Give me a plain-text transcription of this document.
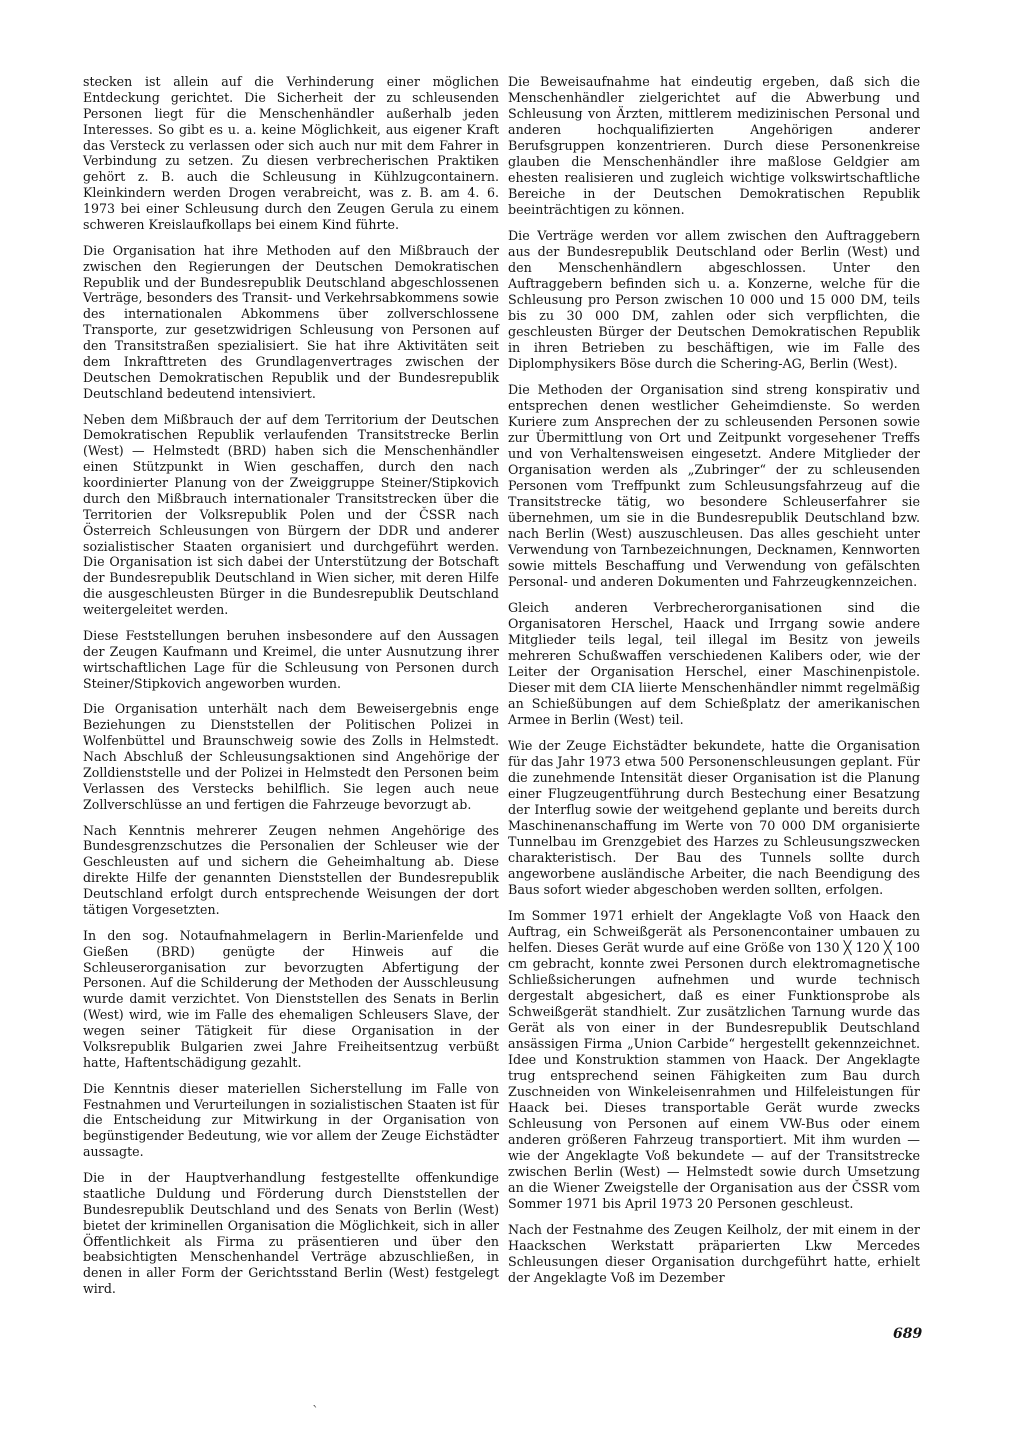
stecken ist allein auf die Verhinderung einer möglichen Entdeckung gerichtet. Die Sicherheit der zu schleusenden Personen liegt für die Menschenhändler außerhalb jeden Interesses. So gibt es u. a. keine Möglichkeit, aus eigener Kraft das Versteck zu verlassen oder sich auch nur mit dem Fahrer in Verbindung zu setzen. Zu diesen verbrecherischen Praktiken gehört z. B. auch die Schleusung in Kühlzugcontainern. Kleinkindern werden Drogen verabreicht, was z. B. am 4. 6. 1973 bei einer Schleusung durch den Zeugen Gerula zu einem schweren Kreislaufkollaps bei einem Kind führte.

Die Organisation hat ihre Methoden auf den Mißbrauch der zwischen den Regierungen der Deutschen Demokratischen Republik und der Bundesrepublik Deutschland abgeschlossenen Verträge, besonders des Transit- und Verkehrsabkommens sowie des internationalen Abkommens über zollverschlossene Transporte, zur gesetzwidrigen Schleusung von Personen auf den Transitstraßen spezialisiert. Sie hat ihre Aktivitäten seit dem Inkrafttreten des Grundlagenvertrages zwischen der Deutschen Demokratischen Republik und der Bundesrepublik Deutschland bedeutend intensiviert.

Neben dem Mißbrauch der auf dem Territorium der Deutschen Demokratischen Republik verlaufenden Transitstrecke Berlin (West) — Helmstedt (BRD) haben sich die Menschenhändler einen Stützpunkt in Wien geschaffen, durch den nach koordinierter Planung von der Zweiggruppe Steiner/Stipkovich durch den Mißbrauch internationaler Transitstrecken über die Territorien der Volksrepublik Polen und der ČSSR nach Österreich Schleusungen von Bürgern der DDR und anderer sozialistischer Staaten organisiert und durchgeführt werden. Die Organisation ist sich dabei der Unterstützung der Botschaft der Bundesrepublik Deutschland in Wien sicher, mit deren Hilfe die ausgeschleusten Bürger in die Bundesrepublik Deutschland weitergeleitet werden.

Diese Feststellungen beruhen insbesondere auf den Aussagen der Zeugen Kaufmann und Kreimel, die unter Ausnutzung ihrer wirtschaftlichen Lage für die Schleusung von Personen durch Steiner/Stipkovich angeworben wurden.

Die Organisation unterhält nach dem Beweisergebnis enge Beziehungen zu Dienststellen der Politischen Polizei in Wolfenbüttel und Braunschweig sowie des Zolls in Helmstedt. Nach Abschluß der Schleusungsaktionen sind Angehörige der Zolldienststelle und der Polizei in Helmstedt den Personen beim Verlassen des Verstecks behilflich. Sie legen auch neue Zollverschlüsse an und fertigen die Fahrzeuge bevorzugt ab.

Nach Kenntnis mehrerer Zeugen nehmen Angehörige des Bundesgrenzschutzes die Personalien der Schleuser wie der Geschleusten auf und sichern die Geheimhaltung ab. Diese direkte Hilfe der genannten Dienststellen der Bundesrepublik Deutschland erfolgt durch entsprechende Weisungen der dort tätigen Vorgesetzten.

In den sog. Notaufnahmelagern in Berlin-Marienfelde und Gießen (BRD) genügte der Hinweis auf die Schleuserorganisation zur bevorzugten Abfertigung der Personen. Auf die Schilderung der Methoden der Ausschleusung wurde damit verzichtet. Von Dienststellen des Senats in Berlin (West) wird, wie im Falle des ehemaligen Schleusers Slave, der wegen seiner Tätigkeit für diese Organisation in der Volksrepublik Bulgarien zwei Jahre Freiheitsentzug verbüßt hatte, Haftentschädigung gezahlt.

Die Kenntnis dieser materiellen Sicherstellung im Falle von Festnahmen und Verurteilungen in sozialistischen Staaten ist für die Entscheidung zur Mitwirkung in der Organisation von begünstigender Bedeutung, wie vor allem der Zeuge Eichstädter aussagte.

Die in der Hauptverhandlung festgestellte offenkundige staatliche Duldung und Förderung durch Dienststellen der Bundesrepublik Deutschland und des Senats von Berlin (West) bietet der kriminellen Organisation die Möglichkeit, sich in aller Öffentlichkeit als Firma zu präsentieren und über den beabsichtigten Menschenhandel Verträge abzuschließen, in denen in aller Form der Gerichtsstand Berlin (West) festgelegt wird.

Die Beweisaufnahme hat eindeutig ergeben, daß sich die Menschenhändler zielgerichtet auf die Abwerbung und Schleusung von Ärzten, mittlerem medizinischen Personal und anderen hochqualifizierten Angehörigen anderer Berufsgruppen konzentrieren. Durch diese Personenkreise glauben die Menschenhändler ihre maßlose Geldgier am ehesten realisieren und zugleich wichtige volkswirtschaftliche Bereiche in der Deutschen Demokratischen Republik beeinträchtigen zu können.

Die Verträge werden vor allem zwischen den Auftraggebern aus der Bundesrepublik Deutschland oder Berlin (West) und den Menschenhändlern abgeschlossen. Unter den Auftraggebern befinden sich u. a. Konzerne, welche für die Schleusung pro Person zwischen 10 000 und 15 000 DM, teils bis zu 30 000 DM, zahlen oder sich verpflichten, die geschleusten Bürger der Deutschen Demokratischen Republik in ihren Betrieben zu beschäftigen, wie im Falle des Diplomphysikers Böse durch die Schering-AG, Berlin (West).

Die Methoden der Organisation sind streng konspirativ und entsprechen denen westlicher Geheimdienste. So werden Kuriere zum Ansprechen der zu schleusenden Personen sowie zur Übermittlung von Ort und Zeitpunkt vorgesehener Treffs und von Verhaltensweisen eingesetzt. Andere Mitglieder der Organisation werden als „Zubringer“ der zu schleusenden Personen vom Treffpunkt zum Schleusungsfahrzeug auf die Transitstrecke tätig, wo besondere Schleuserfahrer sie übernehmen, um sie in die Bundesrepublik Deutschland bzw. nach Berlin (West) auszuschleusen. Das alles geschieht unter Verwendung von Tarnbezeichnungen, Decknamen, Kennworten sowie mittels Beschaffung und Verwendung von gefälschten Personal- und anderen Dokumenten und Fahrzeugkennzeichen.

Gleich anderen Verbrecherorganisationen sind die Organisatoren Herschel, Haack und Irrgang sowie andere Mitglieder teils legal, teil illegal im Besitz von jeweils mehreren Schußwaffen verschiedenen Kalibers oder, wie der Leiter der Organisation Herschel, einer Maschinenpistole. Dieser mit dem CIA liierte Menschenhändler nimmt regelmäßig an Schießübungen auf dem Schießplatz der amerikanischen Armee in Berlin (West) teil.

Wie der Zeuge Eichstädter bekundete, hatte die Organisation für das Jahr 1973 etwa 500 Personenschleusungen geplant. Für die zunehmende Intensität dieser Organisation ist die Planung einer Flugzeugentführung durch Bestechung einer Besatzung der Interflug sowie der weitgehend geplante und bereits durch Maschinenanschaffung im Werte von 70 000 DM organisierte Tunnelbau im Grenzgebiet des Harzes zu Schleusungszwecken charakteristisch. Der Bau des Tunnels sollte durch angeworbene ausländische Arbeiter, die nach Beendigung des Baus sofort wieder abgeschoben werden sollten, erfolgen.

Im Sommer 1971 erhielt der Angeklagte Voß von Haack den Auftrag, ein Schweißgerät als Personencontainer umbauen zu helfen. Dieses Gerät wurde auf eine Größe von 130 ╳ 120 ╳ 100 cm gebracht, konnte zwei Personen durch elektromagnetische Schließsicherungen aufnehmen und wurde technisch dergestalt abgesichert, daß es einer Funktionsprobe als Schweißgerät standhielt. Zur zusätzlichen Tarnung wurde das Gerät als von einer in der Bundesrepublik Deutschland ansässigen Firma „Union Carbide“ hergestellt gekennzeichnet. Idee und Konstruktion stammen von Haack. Der Angeklagte trug entsprechend seinen Fähigkeiten zum Bau durch Zuschneiden von Winkeleisenrahmen und Hilfeleistungen für Haack bei. Dieses transportable Gerät wurde zwecks Schleusung von Personen auf einem VW-Bus oder einem anderen größeren Fahrzeug transportiert. Mit ihm wurden — wie der Angeklagte Voß bekundete — auf der Transitstrecke zwischen Berlin (West) — Helmstedt sowie durch Umsetzung an die Wiener Zweigstelle der Organisation aus der ČSSR vom Sommer 1971 bis April 1973 20 Personen geschleust.

Nach der Festnahme des Zeugen Keilholz, der mit einem in der Haackschen Werkstatt präparierten Lkw Mercedes Schleusungen dieser Organisation durchgeführt hatte, erhielt der Angeklagte Voß im Dezember

689
ˋ
